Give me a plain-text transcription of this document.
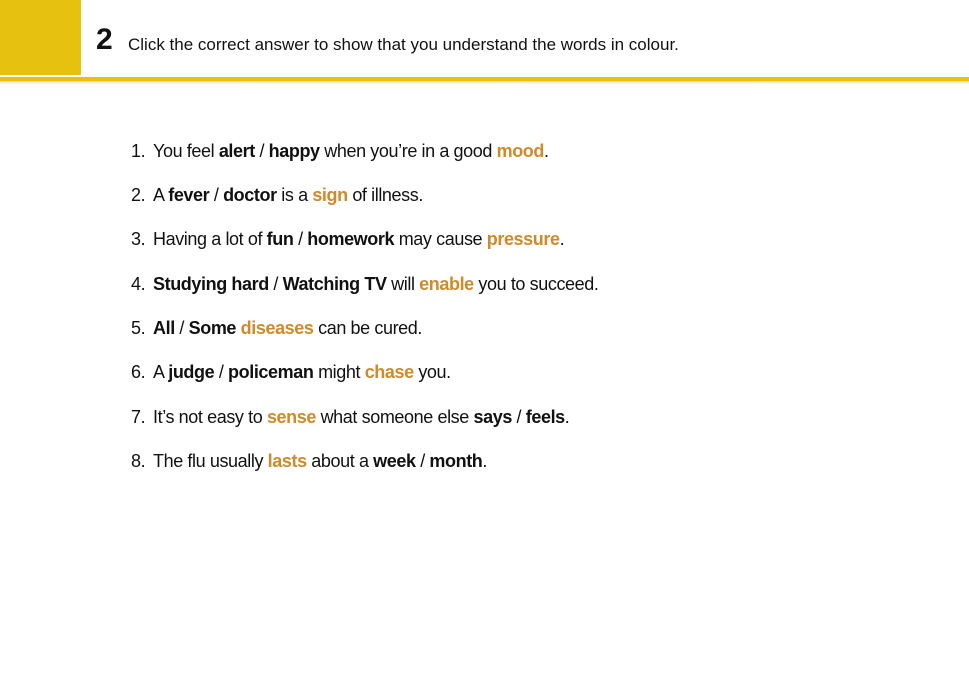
2 Click the correct answer to show that you understand the words in colour.
1. You feel alert / happy when you’re in a good mood.
2. A fever / doctor is a sign of illness.
3. Having a lot of fun / homework may cause pressure.
4. Studying hard / Watching TV will enable you to succeed.
5. All / Some diseases can be cured.
6. A judge / policeman might chase you.
7. It’s not easy to sense what someone else says / feels.
8. The flu usually lasts about a week / month.
